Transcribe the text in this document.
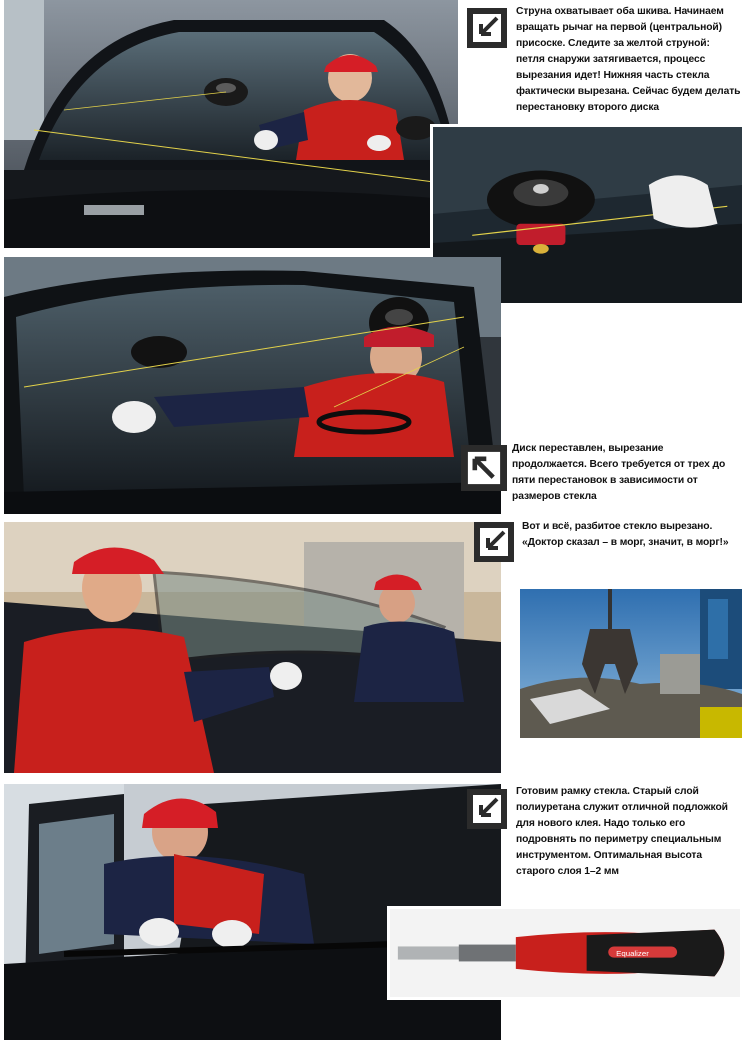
Струна охватывает оба шкива. Начинаем вращать рычаг на первой (центральной) присоске. Следите за желтой струной: петля снаружи затягивается, процесс вырезания идет! Нижняя часть стекла фактически вырезана. Сейчас будем делать перестановку второго диска

Диск переставлен, вырезание продолжается. Всего требуется от трех до пяти перестановок в зависимости от размеров стекла

Вот и всё, разбитое стекло вырезано. «Доктор сказал – в морг, значит, в морг!»

Готовим рамку стекла. Старый слой полиуретана служит отличной подложкой для нового клея. Надо только его подровнять по периметру специальным инструментом. Оптимальная высота старого слоя 1–2 мм

Equalizer
